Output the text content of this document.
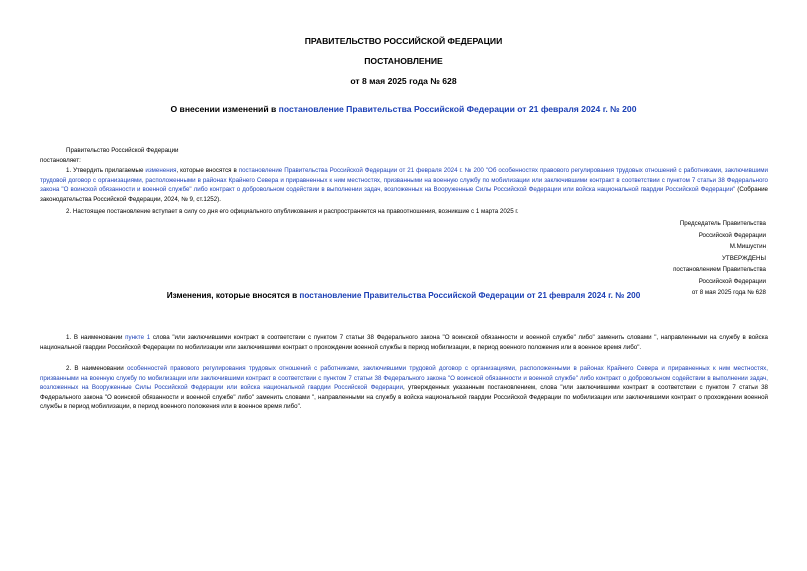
ПРАВИТЕЛЬСТВО РОССИЙСКОЙ ФЕДЕРАЦИИ
ПОСТАНОВЛЕНИЕ
от 8 мая 2025 года № 628
О внесении изменений в постановление Правительства Российской Федерации от 21 февраля 2024 г. № 200
Правительство Российской Федерации
постановляет:
1. Утвердить прилагаемые изменения, которые вносятся в постановление Правительства Российской Федерации от 21 февраля 2024 г. № 200 "Об особенностях правового регулирования трудовых отношений с работниками, заключившими трудовой договор с организациями, расположенными в районах Крайнего Севера и приравненных к ним местностях, призванными на военную службу по мобилизации или заключившими контракт в соответствии с пунктом 7 статьи 38 Федерального закона "О воинской обязанности и военной службе" либо контракт о добровольном содействии в выполнении задач, возложенных на Вооруженные Силы Российской Федерации или войска национальной гвардии Российской Федерации" (Собрание законодательства Российской Федерации, 2024, № 9, ст.1252).
2. Настоящее постановление вступает в силу со дня его официального опубликования и распространяется на правоотношения, возникшие с 1 марта 2025 г.
Председатель Правительства
Российской Федерации
М.Мишустин
УТВЕРЖДЕНЫ
постановлением Правительства
Российской Федерации
от 8 мая 2025 года № 628
Изменения, которые вносятся в постановление Правительства Российской Федерации от 21 февраля 2024 г. № 200
1. В наименовании пункте 1 слова "или заключившими контракт в соответствии с пунктом 7 статьи 38 Федерального закона "О воинской обязанности и военной службе" либо" заменить словами ", направленными на службу в войска национальной гвардии Российской Федерации по мобилизации или заключившими контракт о прохождении военной службы в период мобилизации, в период военного положения или в военное время либо".
2. В наименовании особенностей правового регулирования трудовых отношений с работниками, заключившими трудовой договор с организациями, расположенными в районах Крайнего Севера и приравненных к ним местностях, призванными на военную службу по мобилизации или заключившими контракт в соответствии с пунктом 7 статьи 38 Федерального закона "О воинской обязанности и военной службе" либо контракт о добровольном содействии в выполнении задач, возложенных на Вооруженные Силы Российской Федерации или войска национальной гвардии Российской Федерации, утвержденных указанным постановлением, слова "или заключившими контракт в соответствии с пунктом 7 статьи 38 Федерального закона "О воинской обязанности и военной службе" либо" заменить словами ", направленными на службу в войска национальной гвардии Российской Федерации по мобилизации или заключившими контракт о прохождении военной службы в период мобилизации, в период военного положения или в военное время либо".
